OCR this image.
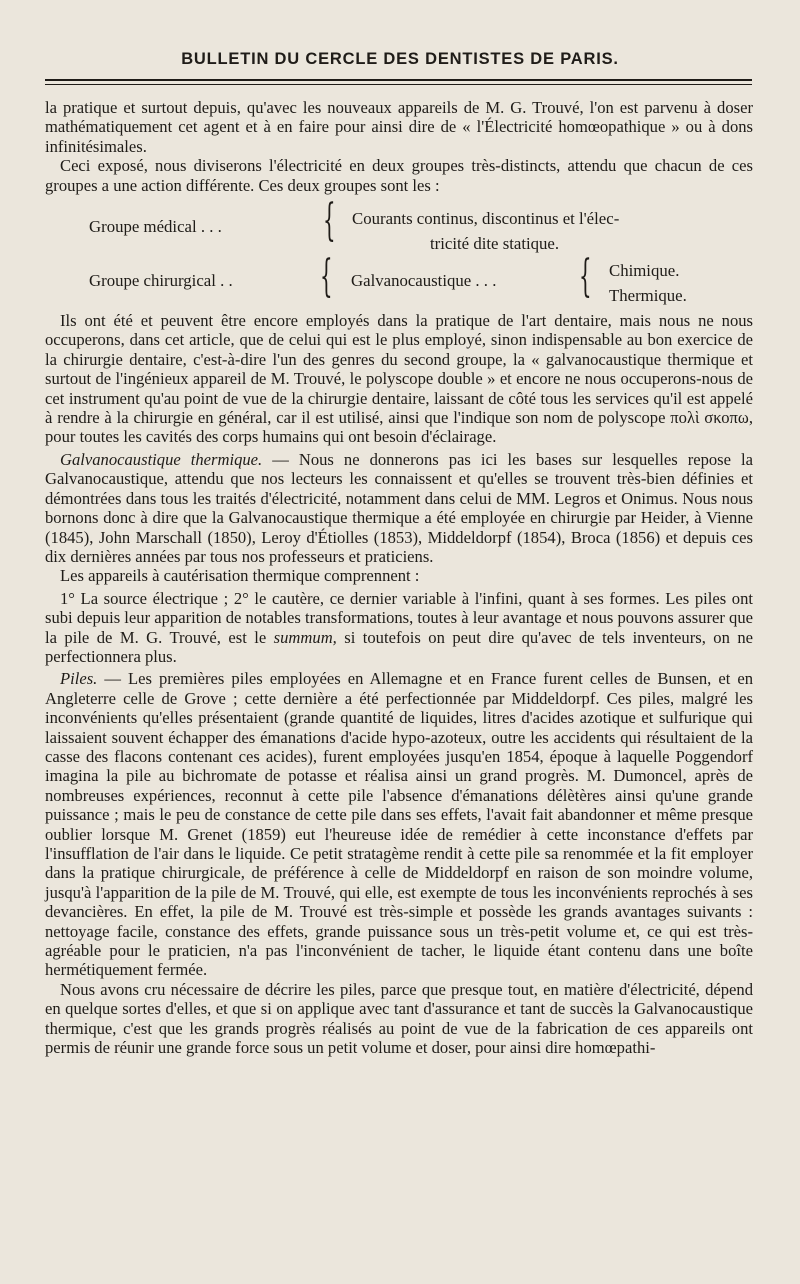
BULLETIN DU CERCLE DES DENTISTES DE PARIS.

la pratique et surtout depuis, qu'avec les nouveaux appareils de M. G. Trouvé, l'on est parvenu à doser mathématiquement cet agent et à en faire pour ainsi dire de « l'Électricité homœopathique » ou à dons infinitésimales.

Ceci exposé, nous diviserons l'électricité en deux groupes très-distincts, attendu que chacun de ces groupes a une action différente. Ces deux groupes sont les :

Groupe médical . . . { Courants continus, discontinus et l'élec-
tricité dite statique.
Groupe chirurgical . . { Galvanocaustique . . . { Chimique.
Thermique.

Ils ont été et peuvent être encore employés dans la pratique de l'art dentaire, mais nous ne nous occuperons, dans cet article, que de celui qui est le plus employé, sinon indispensable au bon exercice de la chirurgie dentaire, c'est-à-dire l'un des genres du second groupe, la « galvanocaustique thermique et surtout de l'ingénieux appareil de M. Trouvé, le polyscope double » et encore ne nous occuperons-nous de cet instrument qu'au point de vue de la chirurgie dentaire, laissant de côté tous les services qu'il est appelé à rendre à la chirurgie en général, car il est utilisé, ainsi que l'indique son nom de polyscope πολὶ σκοπω, pour toutes les cavités des corps humains qui ont besoin d'éclairage.

Galvanocaustique thermique. — Nous ne donnerons pas ici les bases sur lesquelles repose la Galvanocaustique, attendu que nos lecteurs les connaissent et qu'elles se trouvent très-bien définies et démontrées dans tous les traités d'électricité, notamment dans celui de MM. Legros et Onimus. Nous nous bornons donc à dire que la Galvanocaustique thermique a été employée en chirurgie par Heider, à Vienne (1845), John Marschall (1850), Leroy d'Étiolles (1853), Middeldorpf (1854), Broca (1856) et depuis ces dix dernières années par tous nos professeurs et praticiens.

Les appareils à cautérisation thermique comprennent :

1° La source électrique ; 2° le cautère, ce dernier variable à l'infini, quant à ses formes. Les piles ont subi depuis leur apparition de notables transformations, toutes à leur avantage et nous pouvons assurer que la pile de M. G. Trouvé, est le summum, si toutefois on peut dire qu'avec de tels inventeurs, on ne perfectionnera plus.

Piles. — Les premières piles employées en Allemagne et en France furent celles de Bunsen, et en Angleterre celle de Grove ; cette dernière a été perfectionnée par Middeldorpf. Ces piles, malgré les inconvénients qu'elles présentaient (grande quantité de liquides, litres d'acides azotique et sulfurique qui laissaient souvent échapper des émanations d'acide hypo-azoteux, outre les accidents qui résultaient de la casse des flacons contenant ces acides), furent employées jusqu'en 1854, époque à laquelle Poggendorf imagina la pile au bichromate de potasse et réalisa ainsi un grand progrès. M. Dumoncel, après de nombreuses expériences, reconnut à cette pile l'absence d'émanations délètères ainsi qu'une grande puissance ; mais le peu de constance de cette pile dans ses effets, l'avait fait abandonner et même presque oublier lorsque M. Grenet (1859) eut l'heureuse idée de remédier à cette inconstance d'effets par l'insufflation de l'air dans le liquide. Ce petit stratagème rendit à cette pile sa renommée et la fit employer dans la pratique chirurgicale, de préférence à celle de Middeldorpf en raison de son moindre volume, jusqu'à l'apparition de la pile de M. Trouvé, qui elle, est exempte de tous les inconvénients reprochés à ses devancières. En effet, la pile de M. Trouvé est très-simple et possède les grands avantages suivants : nettoyage facile, constance des effets, grande puissance sous un très-petit volume et, ce qui est très-agréable pour le praticien, n'a pas l'inconvénient de tacher, le liquide étant contenu dans une boîte hermétiquement fermée.

Nous avons cru nécessaire de décrire les piles, parce que presque tout, en matière d'électricité, dépend en quelque sortes d'elles, et que si on applique avec tant d'assurance et tant de succès la Galvanocaustique thermique, c'est que les grands progrès réalisés au point de vue de la fabrication de ces appareils ont permis de réunir une grande force sous un petit volume et doser, pour ainsi dire homœpathi-
